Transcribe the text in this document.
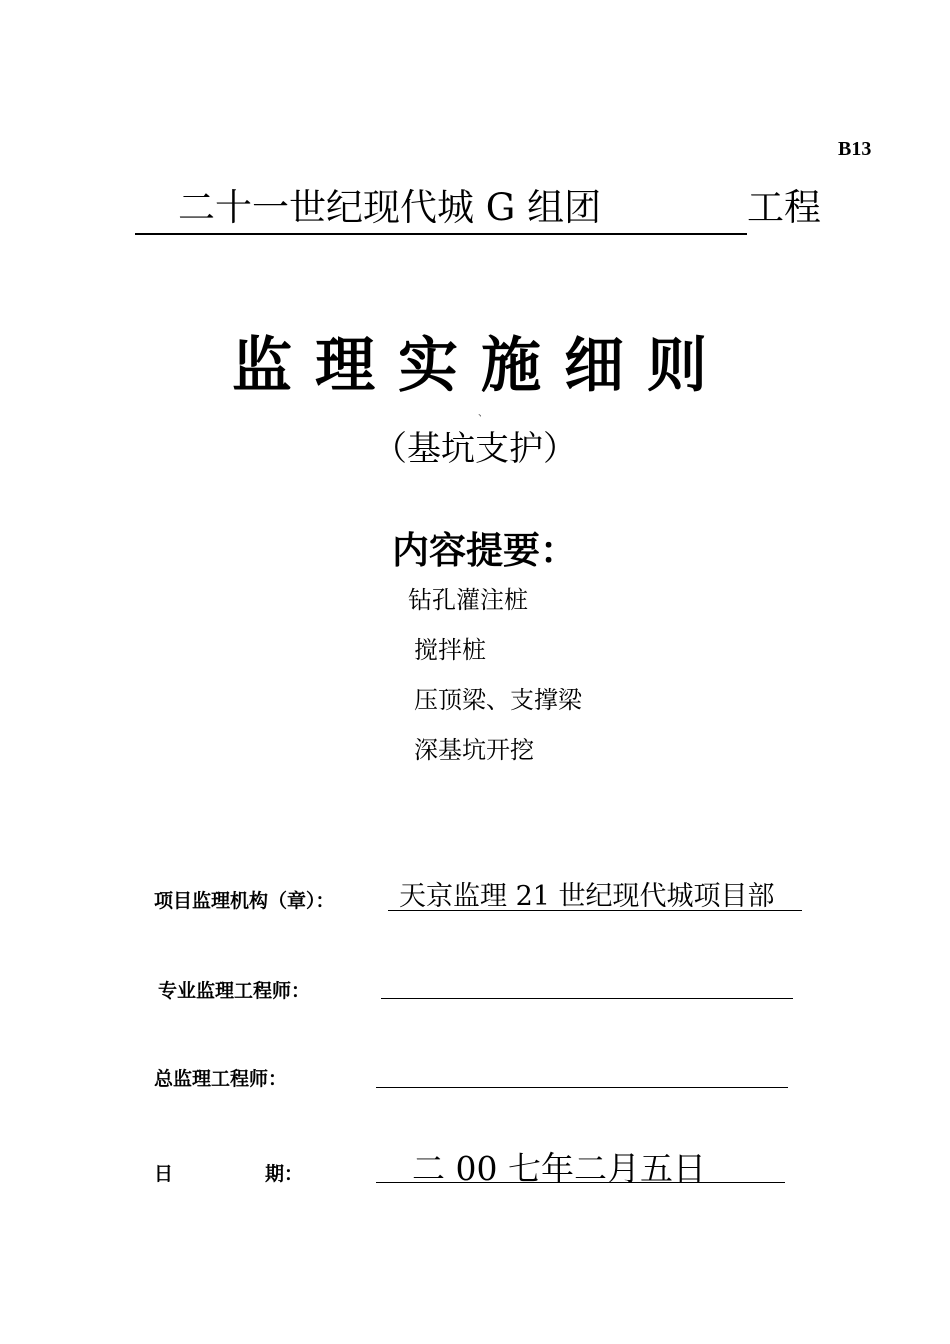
B13
二十一世纪现代城 G 组团	工程
监理实施细则
、
（基坑支护）
内容提要：
钻孔灌注桩
搅拌桩
压顶梁、支撑梁
深基坑开挖
项目监理机构（章）： 天京监理 21 世纪现代城项目部
专业监理工程师：
总监理工程师：
日	期：	二 00 七年二月五日
